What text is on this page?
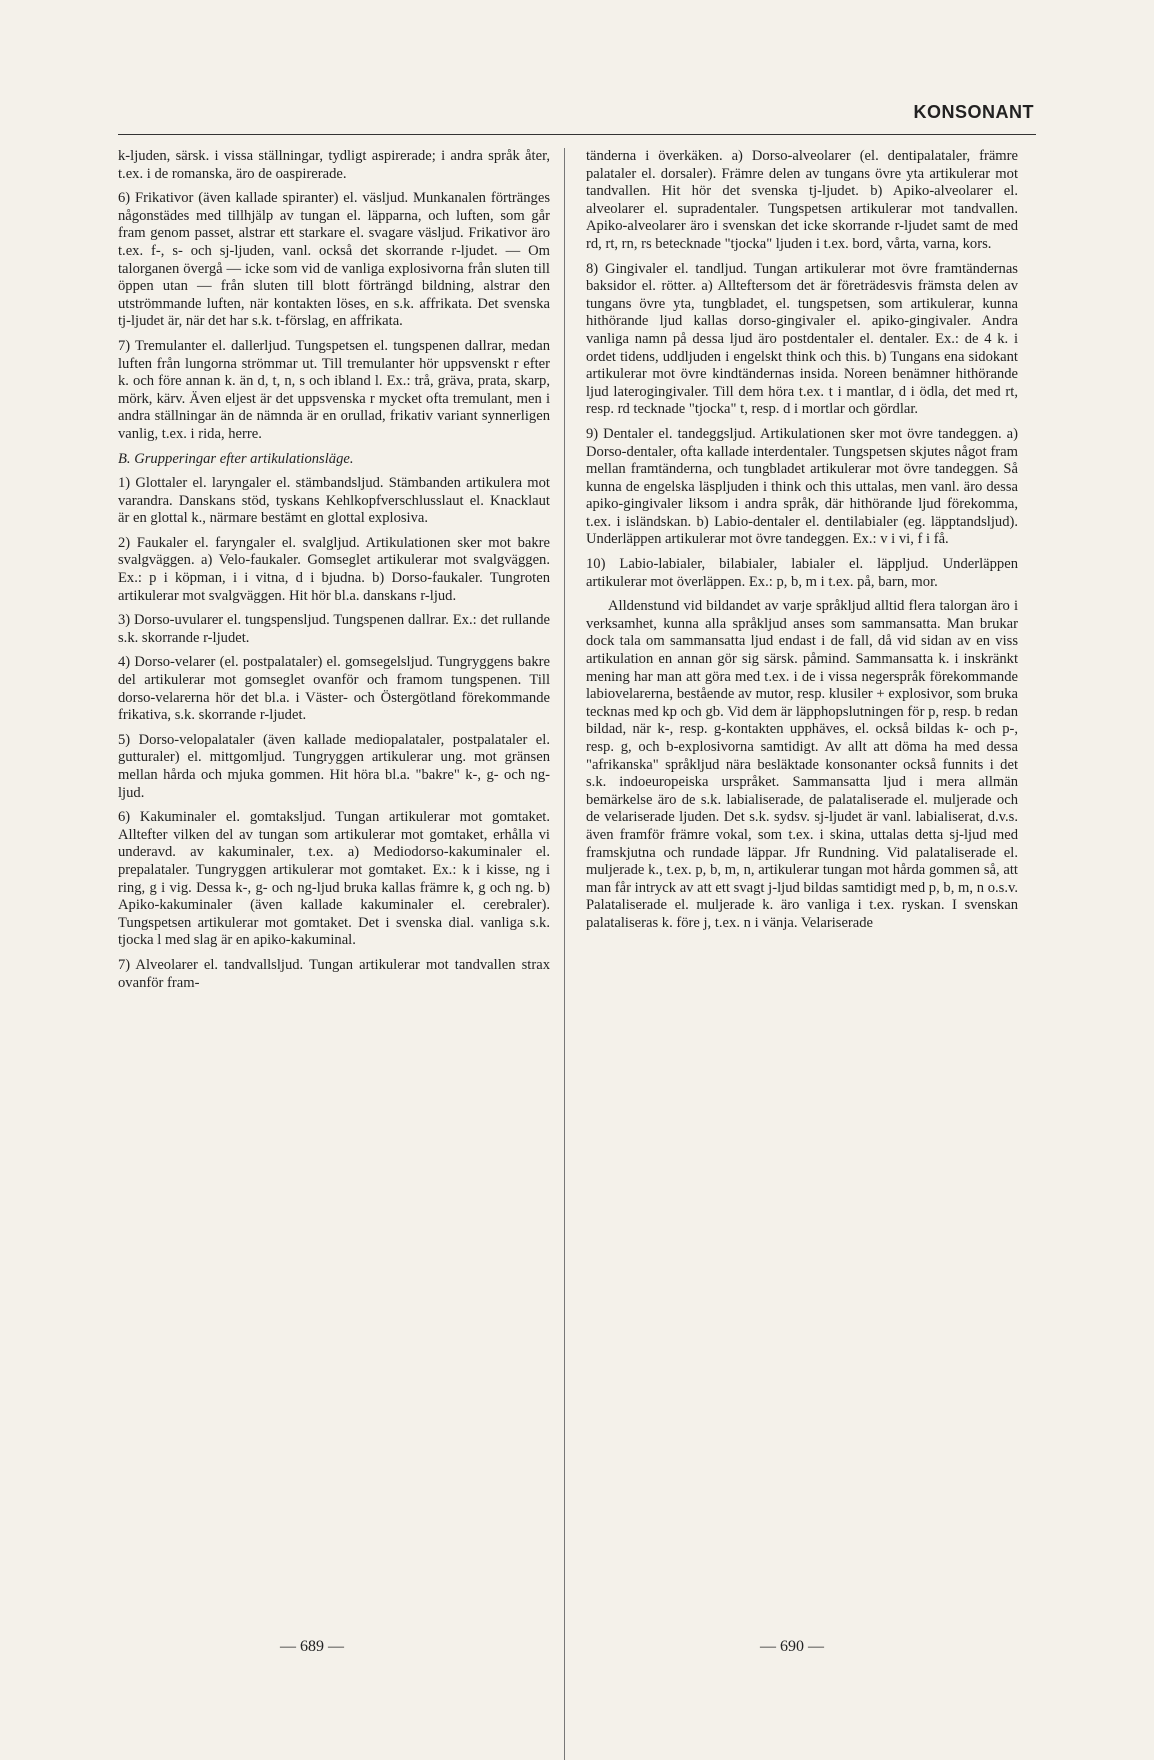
KONSONANT

k-ljuden, särsk. i vissa ställningar, tydligt aspirerade; i andra språk åter, t.ex. i de romanska, äro de oaspirerade.

6) Frikativor (även kallade spiranter) el. väsljud. Munkanalen förtränges någonstädes med tillhjälp av tungan el. läpparna, och luften, som går fram genom passet, alstrar ett starkare el. svagare väsljud. Frikativor äro t.ex. f-, s- och sj-ljuden, vanl. också det skorrande r-ljudet. — Om talorganen övergå — icke som vid de vanliga explosivorna från sluten till öppen utan — från sluten till blott förträngd bildning, alstrar den utströmmande luften, när kontakten löses, en s.k. affrikata. Det svenska tj-ljudet är, när det har s.k. t-förslag, en affrikata.

7) Tremulanter el. dallerljud. Tungspetsen el. tungspenen dallrar, medan luften från lungorna strömmar ut. Till tremulanter hör uppsvenskt r efter k. och före annan k. än d, t, n, s och ibland l. Ex.: trå, gräva, prata, skarp, mörk, kärv. Även eljest är det uppsvenska r mycket ofta tremulant, men i andra ställningar än de nämnda är en orullad, frikativ variant synnerligen vanlig, t.ex. i rida, herre.

B. Grupperingar efter artikulationsläge.

1) Glottaler el. laryngaler el. stämbandsljud. Stämbanden artikulera mot varandra. Danskans stöd, tyskans Kehlkopfverschlusslaut el. Knacklaut är en glottal k., närmare bestämt en glottal explosiva.

2) Faukaler el. faryngaler el. svalgljud. Artikulationen sker mot bakre svalgväggen. a) Velo-faukaler. Gomseglet artikulerar mot svalgväggen. Ex.: p i köpman, i i vitna, d i bjudna. b) Dorso-faukaler. Tungroten artikulerar mot svalgväggen. Hit hör bl.a. danskans r-ljud.

3) Dorso-uvularer el. tungspensljud. Tungspenen dallrar. Ex.: det rullande s.k. skorrande r-ljudet.

4) Dorso-velarer (el. postpalataler) el. gomsegelsljud. Tungryggens bakre del artikulerar mot gomseglet ovanför och framom tungspenen. Till dorso-velarerna hör det bl.a. i Väster- och Östergötland förekommande frikativa, s.k. skorrande r-ljudet.

5) Dorso-velopalataler (även kallade mediopalataler, postpalataler el. gutturaler) el. mittgomljud. Tungryggen artikulerar ung. mot gränsen mellan hårda och mjuka gommen. Hit höra bl.a. "bakre" k-, g- och ng-ljud.

6) Kakuminaler el. gomtaksljud. Tungan artikulerar mot gomtaket. Alltefter vilken del av tungan som artikulerar mot gomtaket, erhålla vi underavd. av kakuminaler, t.ex. a) Mediodorso-kakuminaler el. prepalataler. Tungryggen artikulerar mot gomtaket. Ex.: k i kisse, ng i ring, g i vig. Dessa k-, g- och ng-ljud bruka kallas främre k, g och ng. b) Apiko-kakuminaler (även kallade kakuminaler el. cerebraler). Tungspetsen artikulerar mot gomtaket. Det i svenska dial. vanliga s.k. tjocka l med slag är en apiko-kakuminal.

7) Alveolarer el. tandvallsljud. Tungan artikulerar mot tandvallen strax ovanför fram-

tänderna i överkäken. a) Dorso-alveolarer (el. dentipalataler, främre palataler el. dorsaler). Främre delen av tungans övre yta artikulerar mot tandvallen. Hit hör det svenska tj-ljudet. b) Apiko-alveolarer el. alveolarer el. supradentaler. Tungspetsen artikulerar mot tandvallen. Apiko-alveolarer äro i svenskan det icke skorrande r-ljudet samt de med rd, rt, rn, rs betecknade "tjocka" ljuden i t.ex. bord, vårta, varna, kors.

8) Gingivaler el. tandljud. Tungan artikulerar mot övre framtändernas baksidor el. rötter. a) Allteftersom det är företrädesvis främsta delen av tungans övre yta, tungbladet, el. tungspetsen, som artikulerar, kunna hithörande ljud kallas dorso-gingivaler el. apiko-gingivaler. Andra vanliga namn på dessa ljud äro postdentaler el. dentaler. Ex.: de 4 k. i ordet tidens, uddljuden i engelskt think och this. b) Tungans ena sidokant artikulerar mot övre kindtändernas insida. Noreen benämner hithörande ljud laterogingivaler. Till dem höra t.ex. t i mantlar, d i ödla, det med rt, resp. rd tecknade "tjocka" t, resp. d i mortlar och gördlar.

9) Dentaler el. tandeggsljud. Artikulationen sker mot övre tandeggen. a) Dorso-dentaler, ofta kallade interdentaler. Tungspetsen skjutes något fram mellan framtänderna, och tungbladet artikulerar mot övre tandeggen. Så kunna de engelska läspljuden i think och this uttalas, men vanl. äro dessa apiko-gingivaler liksom i andra språk, där hithörande ljud förekomma, t.ex. i isländskan. b) Labio-dentaler el. dentilabialer (eg. läpptandsljud). Underläppen artikulerar mot övre tandeggen. Ex.: v i vi, f i få.

10) Labio-labialer, bilabialer, labialer el. läppljud. Underläppen artikulerar mot överläppen. Ex.: p, b, m i t.ex. på, barn, mor.

Alldenstund vid bildandet av varje språkljud alltid flera talorgan äro i verksamhet, kunna alla språkljud anses som sammansatta. Man brukar dock tala om sammansatta ljud endast i de fall, då vid sidan av en viss artikulation en annan gör sig särsk. påmind. Sammansatta k. i inskränkt mening har man att göra med t.ex. i de i vissa negerspråk förekommande labiovelarerna, bestående av mutor, resp. klusiler + explosivor, som bruka tecknas med kp och gb. Vid dem är läpphopslutningen för p, resp. b redan bildad, när k-, resp. g-kontakten upphäves, el. också bildas k- och p-, resp. g, och b-explosivorna samtidigt. Av allt att döma ha med dessa "afrikanska" språkljud nära besläktade konsonanter också funnits i det s.k. indoeuropeiska urspråket. Sammansatta ljud i mera allmän bemärkelse äro de s.k. labialiserade, de palataliserade el. muljerade och de velariserade ljuden. Det s.k. sydsv. sj-ljudet är vanl. labialiserat, d.v.s. även framför främre vokal, som t.ex. i skina, uttalas detta sj-ljud med framskjutna och rundade läppar. Jfr Rundning. Vid palataliserade el. muljerade k., t.ex. p, b, m, n, artikulerar tungan mot hårda gommen så, att man får intryck av att ett svagt j-ljud bildas samtidigt med p, b, m, n o.s.v. Palataliserade el. muljerade k. äro vanliga i t.ex. ryskan. I svenskan palataliseras k. före j, t.ex. n i vänja. Velariserade

— 689 —	— 690 —
